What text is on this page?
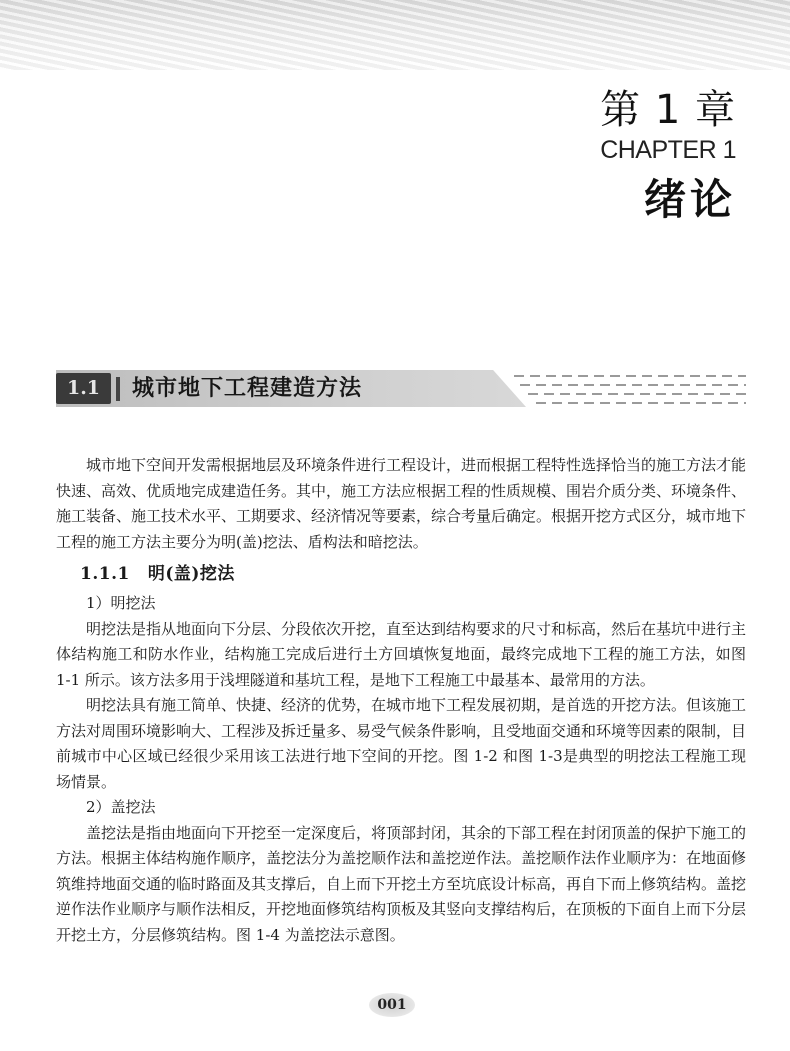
第 1 章
CHAPTER 1
绪论
1.1	城市地下工程建造方法

城市地下空间开发需根据地层及环境条件进行工程设计，进而根据工程特性选择恰当的施工方法才能快速、高效、优质地完成建造任务。其中，施工方法应根据工程的性质规模、围岩介质分类、环境条件、施工装备、施工技术水平、工期要求、经济情况等要素，综合考量后确定。根据开挖方式区分，城市地下工程的施工方法主要分为明(盖)挖法、盾构法和暗挖法。

1.1.1 明(盖)挖法

1）明挖法

明挖法是指从地面向下分层、分段依次开挖，直至达到结构要求的尺寸和标高，然后在基坑中进行主体结构施工和防水作业，结构施工完成后进行土方回填恢复地面，最终完成地下工程的施工方法，如图 1-1 所示。该方法多用于浅埋隧道和基坑工程，是地下工程施工中最基本、最常用的方法。

明挖法具有施工简单、快捷、经济的优势，在城市地下工程发展初期，是首选的开挖方法。但该施工方法对周围环境影响大、工程涉及拆迁量多、易受气候条件影响，且受地面交通和环境等因素的限制，目前城市中心区域已经很少采用该工法进行地下空间的开挖。图 1-2 和图 1-3是典型的明挖法工程施工现场情景。

2）盖挖法

盖挖法是指由地面向下开挖至一定深度后，将顶部封闭，其余的下部工程在封闭顶盖的保护下施工的方法。根据主体结构施作顺序，盖挖法分为盖挖顺作法和盖挖逆作法。盖挖顺作法作业顺序为：在地面修筑维持地面交通的临时路面及其支撑后，自上而下开挖土方至坑底设计标高，再自下而上修筑结构。盖挖逆作法作业顺序与顺作法相反，开挖地面修筑结构顶板及其竖向支撑结构后，在顶板的下面自上而下分层开挖土方，分层修筑结构。图 1-4 为盖挖法示意图。

001
